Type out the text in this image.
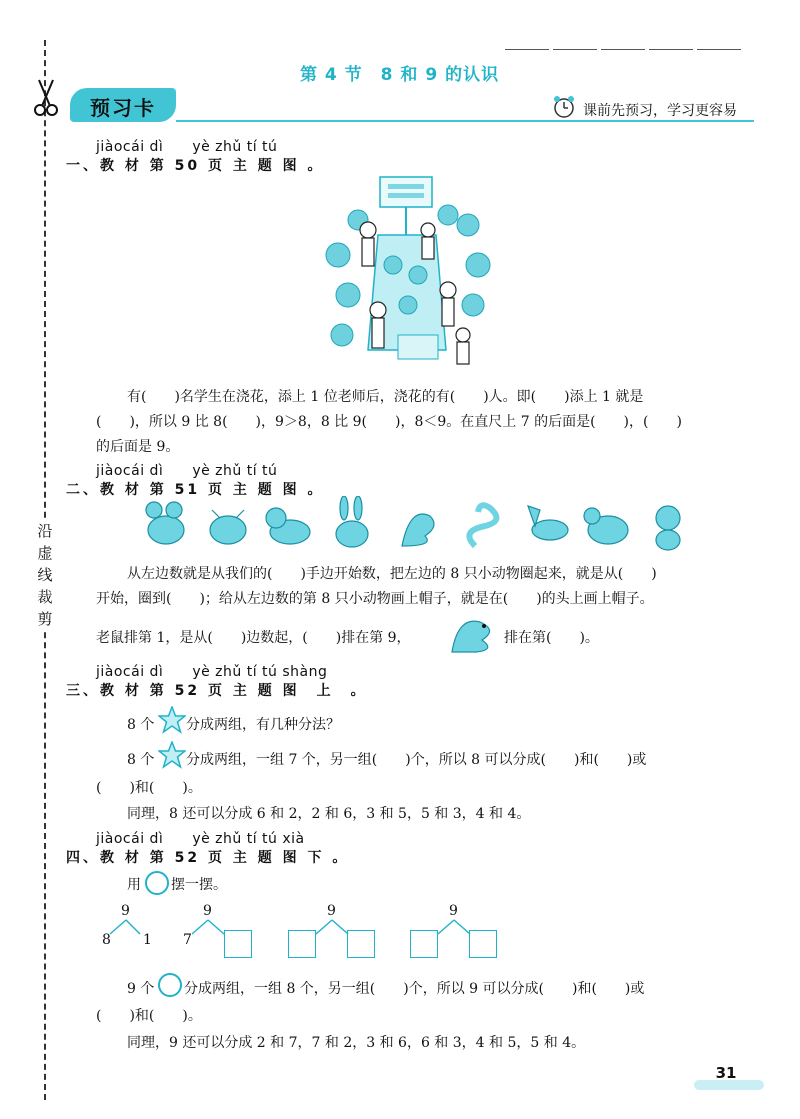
沿
虚
线
裁
剪
第 4 节　8 和 9 的认识
预习卡	课前先预习，学习更容易
jiàocái dì　　yè zhǔ tí tú
一、教 材 第 50 页 主 题 图 。
有(　　)名学生在浇花，添上 1 位老师后，浇花的有(　　)人。即(　　)添上 1 就是
(　　)，所以 9 比 8(　　)，9＞8，8 比 9(　　)，8＜9。在直尺上 7 的后面是(　　)，(　　)
的后面是 9。
jiàocái dì　　yè zhǔ tí tú
二、教 材 第 51 页 主 题 图 。
从左边数就是从我们的(　　)手边开始数，把左边的 8 只小动物圈起来，就是从(　　)
开始，圈到(　　)；给从左边数的第 8 只小动物画上帽子，就是在(　　)的头上画上帽子。
老鼠排第 1，是从(　　)边数起，(　　)排在第 9，	排在第(　　)。
jiàocái dì　　yè zhǔ tí tú shàng
三、教 材 第 52 页 主 题 图　上　。
8 个 分成两组，有几种分法？
8 个 分成两组，一组 7 个，另一组(　　)个，所以 8 可以分成(　　)和(　　)或
(　　)和(　　)。
同理，8 还可以分成 6 和 2，2 和 6，3 和 5，5 和 3，4 和 4。
jiàocái dì　　yè zhǔ tí tú xià
四、教 材 第 52 页 主 题 图 下 。
用 摆一摆。
9
8 1
9
7
9	9
9 个 分成两组，一组 8 个，另一组(　　)个，所以 9 可以分成(　　)和(　　)或
(　　)和(　　)。
同理，9 还可以分成 2 和 7，7 和 2，3 和 6，6 和 3，4 和 5，5 和 4。
31
